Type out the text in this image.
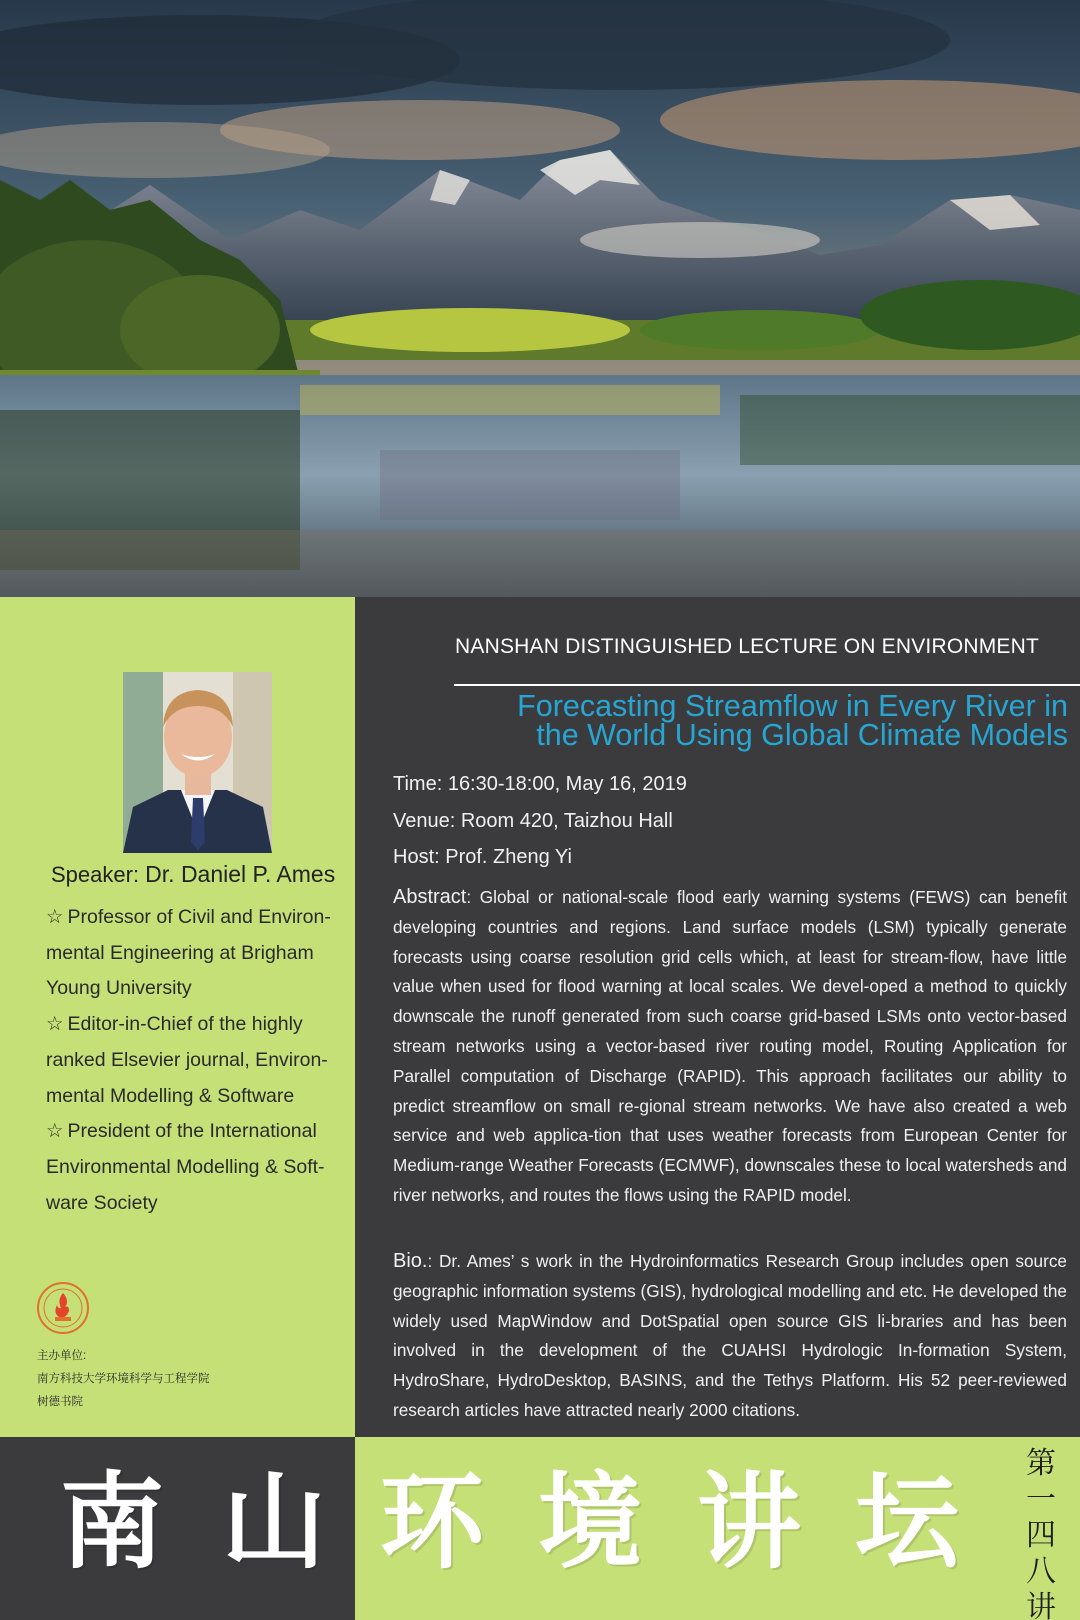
Speaker: Dr. Daniel P. Ames

☆ Professor of Civil and Environ-mental Engineering at Brigham Young University

☆ Editor-in-Chief of the highly ranked Elsevier journal, Environ-mental Modelling & Software

☆ President of the International Environmental Modelling & Soft-ware Society

主办单位:
南方科技大学环境科学与工程学院
树德书院
NANSHAN DISTINGUISHED LECTURE ON ENVIRONMENT
Forecasting Streamflow in Every River in
the World Using Global Climate Models
Time: 16:30-18:00, May 16, 2019
Venue: Room 420, Taizhou Hall
Host: Prof. Zheng Yi

Abstract: Global or national-scale flood early warning systems (FEWS) can benefit developing countries and regions. Land surface models (LSM) typically generate forecasts using coarse resolution grid cells which, at least for stream-flow, have little value when used for flood warning at local scales. We devel-oped a method to quickly downscale the runoff generated from such coarse grid-based LSMs onto vector-based stream networks using a vector-based river routing model, Routing Application for Parallel computation of Discharge (RAPID). This approach facilitates our ability to predict streamflow on small re-gional stream networks. We have also created a web service and web applica-tion that uses weather forecasts from European Center for Medium-range Weather Forecasts (ECMWF), downscales these to local watersheds and river networks, and routes the flows using the RAPID model.

Bio.: Dr. Ames’ s work in the Hydroinformatics Research Group includes open source geographic information systems (GIS), hydrological modelling and etc. He developed the widely used MapWindow and DotSpatial open source GIS li-braries and has been involved in the development of the CUAHSI Hydrologic In-formation System, HydroShare, HydroDesktop, BASINS, and the Tethys Platform. His 52 peer-reviewed research articles have attracted nearly 2000 citations.

南 山 环 境 讲 坛 第
一
四
八
讲
